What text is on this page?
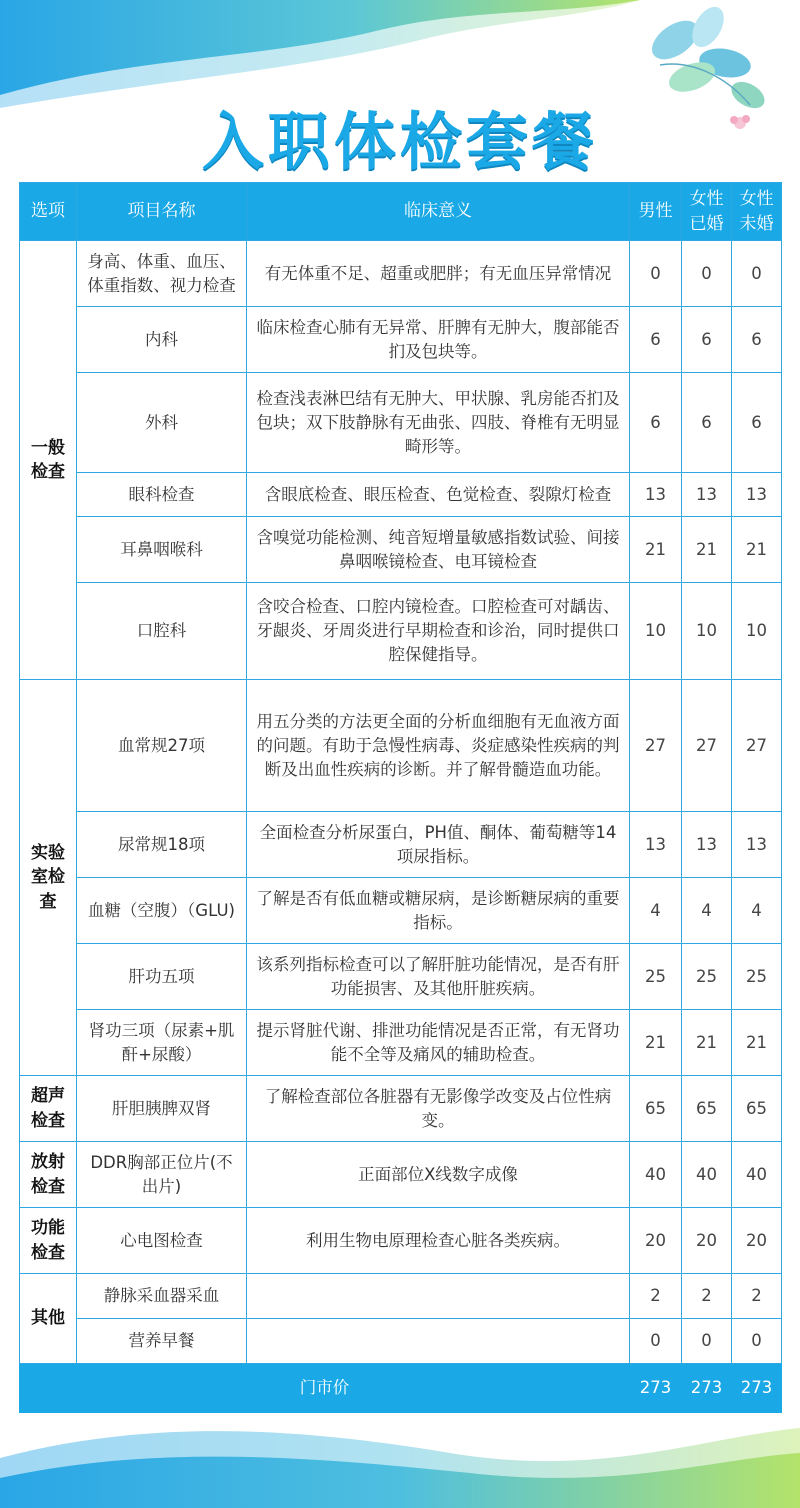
入职体检套餐
选项	项目名称	临床意义	男性	女性已婚	女性未婚
一般检查	身高、体重、血压、体重指数、视力检查	有无体重不足、超重或肥胖；有无血压异常情况	0	0	0
	内科	临床检查心肺有无异常、肝脾有无肿大，腹部能否扪及包块等。	6	6	6
	外科	检查浅表淋巴结有无肿大、甲状腺、乳房能否扪及包块；双下肢静脉有无曲张、四肢、脊椎有无明显畸形等。	6	6	6
	眼科检查	含眼底检查、眼压检查、色觉检查、裂隙灯检查	13	13	13
	耳鼻咽喉科	含嗅觉功能检测、纯音短增量敏感指数试验、间接鼻咽喉镜检查、电耳镜检查	21	21	21
	口腔科	含咬合检查、口腔内镜检查。口腔检查可对龋齿、牙龈炎、牙周炎进行早期检查和诊治，同时提供口腔保健指导。	10	10	10
实验室检查	血常规27项	用五分类的方法更全面的分析血细胞有无血液方面的问题。有助于急慢性病毒、炎症感染性疾病的判断及出血性疾病的诊断。并了解骨髓造血功能。	27	27	27
	尿常规18项	全面检查分析尿蛋白，PH值、酮体、葡萄糖等14项尿指标。	13	13	13
	血糖（空腹）（GLU)	了解是否有低血糖或糖尿病，是诊断糖尿病的重要指标。	4	4	4
	肝功五项	该系列指标检查可以了解肝脏功能情况，是否有肝功能损害、及其他肝脏疾病。	25	25	25
	肾功三项（尿素+肌酐+尿酸）	提示肾脏代谢、排泄功能情况是否正常，有无肾功能不全等及痛风的辅助检查。	21	21	21
超声检查	肝胆胰脾双肾	了解检查部位各脏器有无影像学改变及占位性病变。	65	65	65
放射检查	DDR胸部正位片(不出片)	正面部位X线数字成像	40	40	40
功能检查	心电图检查	利用生物电原理检查心脏各类疾病。	20	20	20
其他	静脉采血器采血		2	2	2
	营养早餐		0	0	0
门市价			273	273	273
